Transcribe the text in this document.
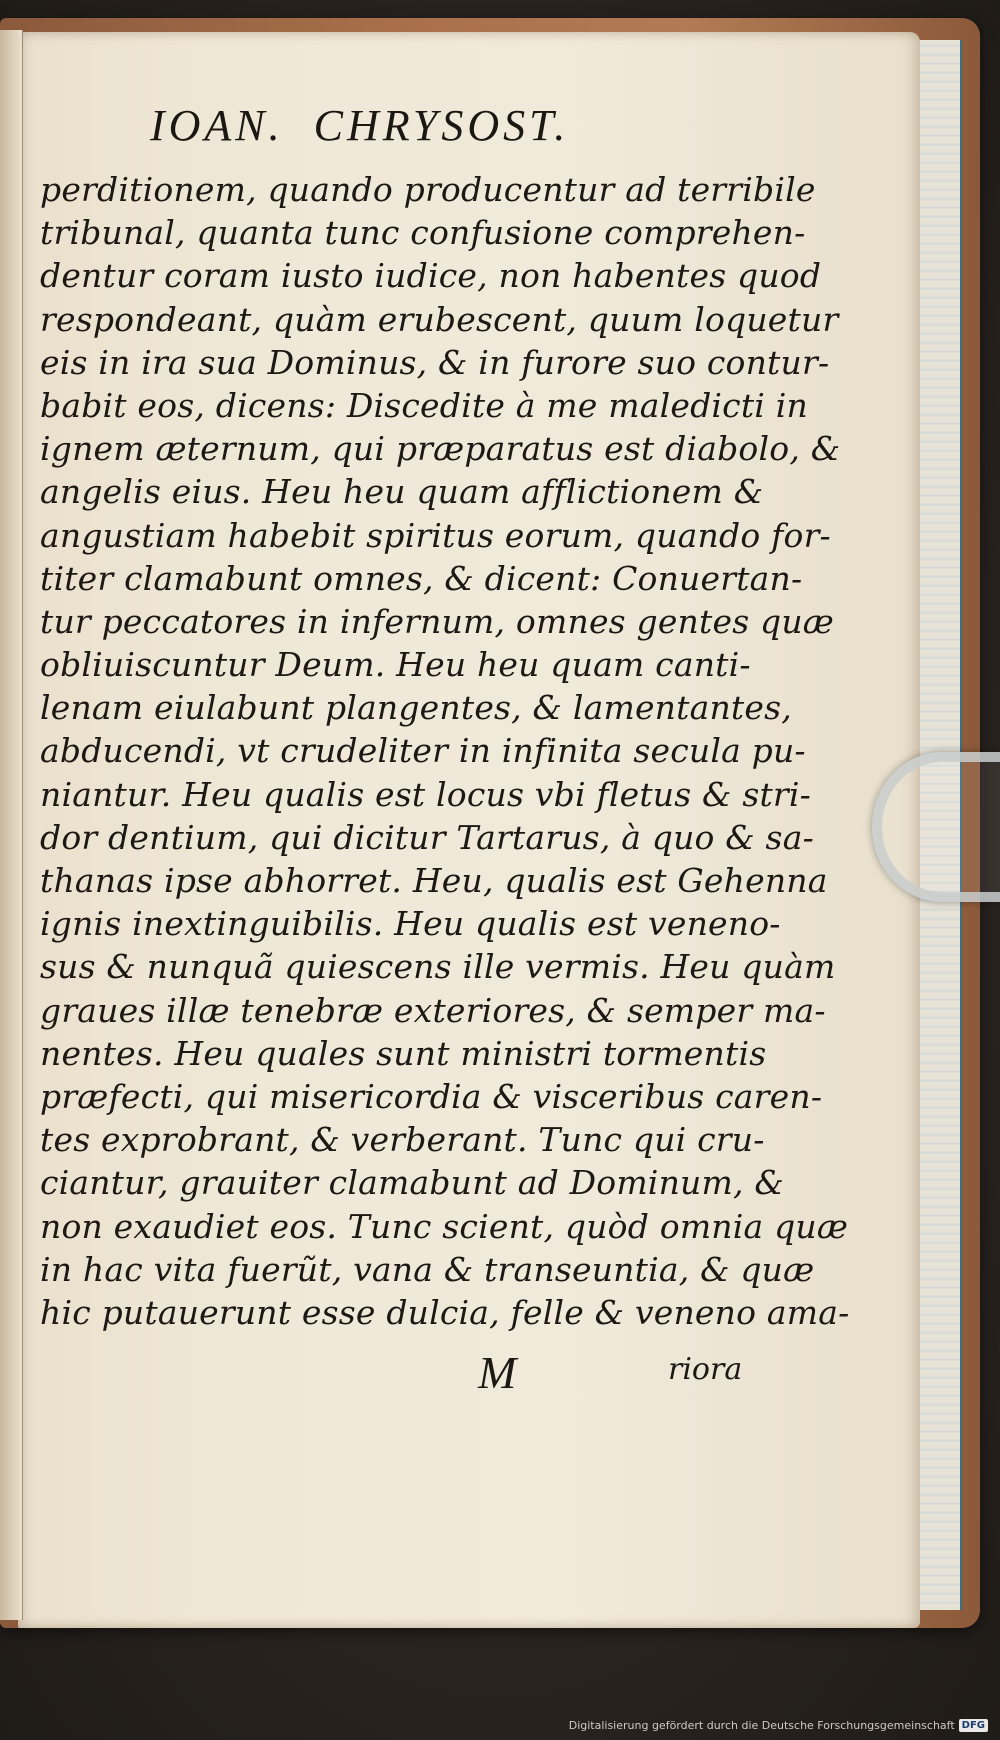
IOAN.  CHRYSOST.
perditionem, quando producentur ad terribile
tribunal, quanta tunc confusione comprehen-
dentur coram iusto iudice, non habentes quod
respondeant, quàm erubescent, quum loquetur
eis in ira sua Dominus, & in furore suo contur-
babit eos, dicens: Discedite à me maledicti in
ignem æternum, qui præparatus est diabolo, &
angelis eius. Heu heu quam afflictionem &
angustiam habebit spiritus eorum, quando for-
titer clamabunt omnes, & dicent: Conuertan-
tur peccatores in infernum, omnes gentes quæ
obliuiscuntur Deum. Heu heu quam canti-
lenam eiulabunt plangentes, & lamentantes,
abducendi, vt crudeliter in infinita secula pu-
niantur. Heu qualis est locus vbi fletus & stri-
dor dentium, qui dicitur Tartarus, à quo & sa-
thanas ipse abhorret. Heu, qualis est Gehenna
ignis inextinguibilis. Heu qualis est veneno-
sus & nunquã quiescens ille vermis. Heu quàm
graues illæ tenebræ exteriores, & semper ma-
nentes. Heu quales sunt ministri tormentis
præfecti, qui misericordia & visceribus caren-
tes exprobrant, & verberant. Tunc qui cru-
ciantur, grauiter clamabunt ad Dominum, &
non exaudiet eos. Tunc scient, quòd omnia quæ
in hac vita fuerũt, vana & transeuntia, & quæ
hic putauerunt esse dulcia, felle & veneno ama-
M	riora
Digitalisierung gefördert durch die Deutsche Forschungsgemeinschaft DFG
